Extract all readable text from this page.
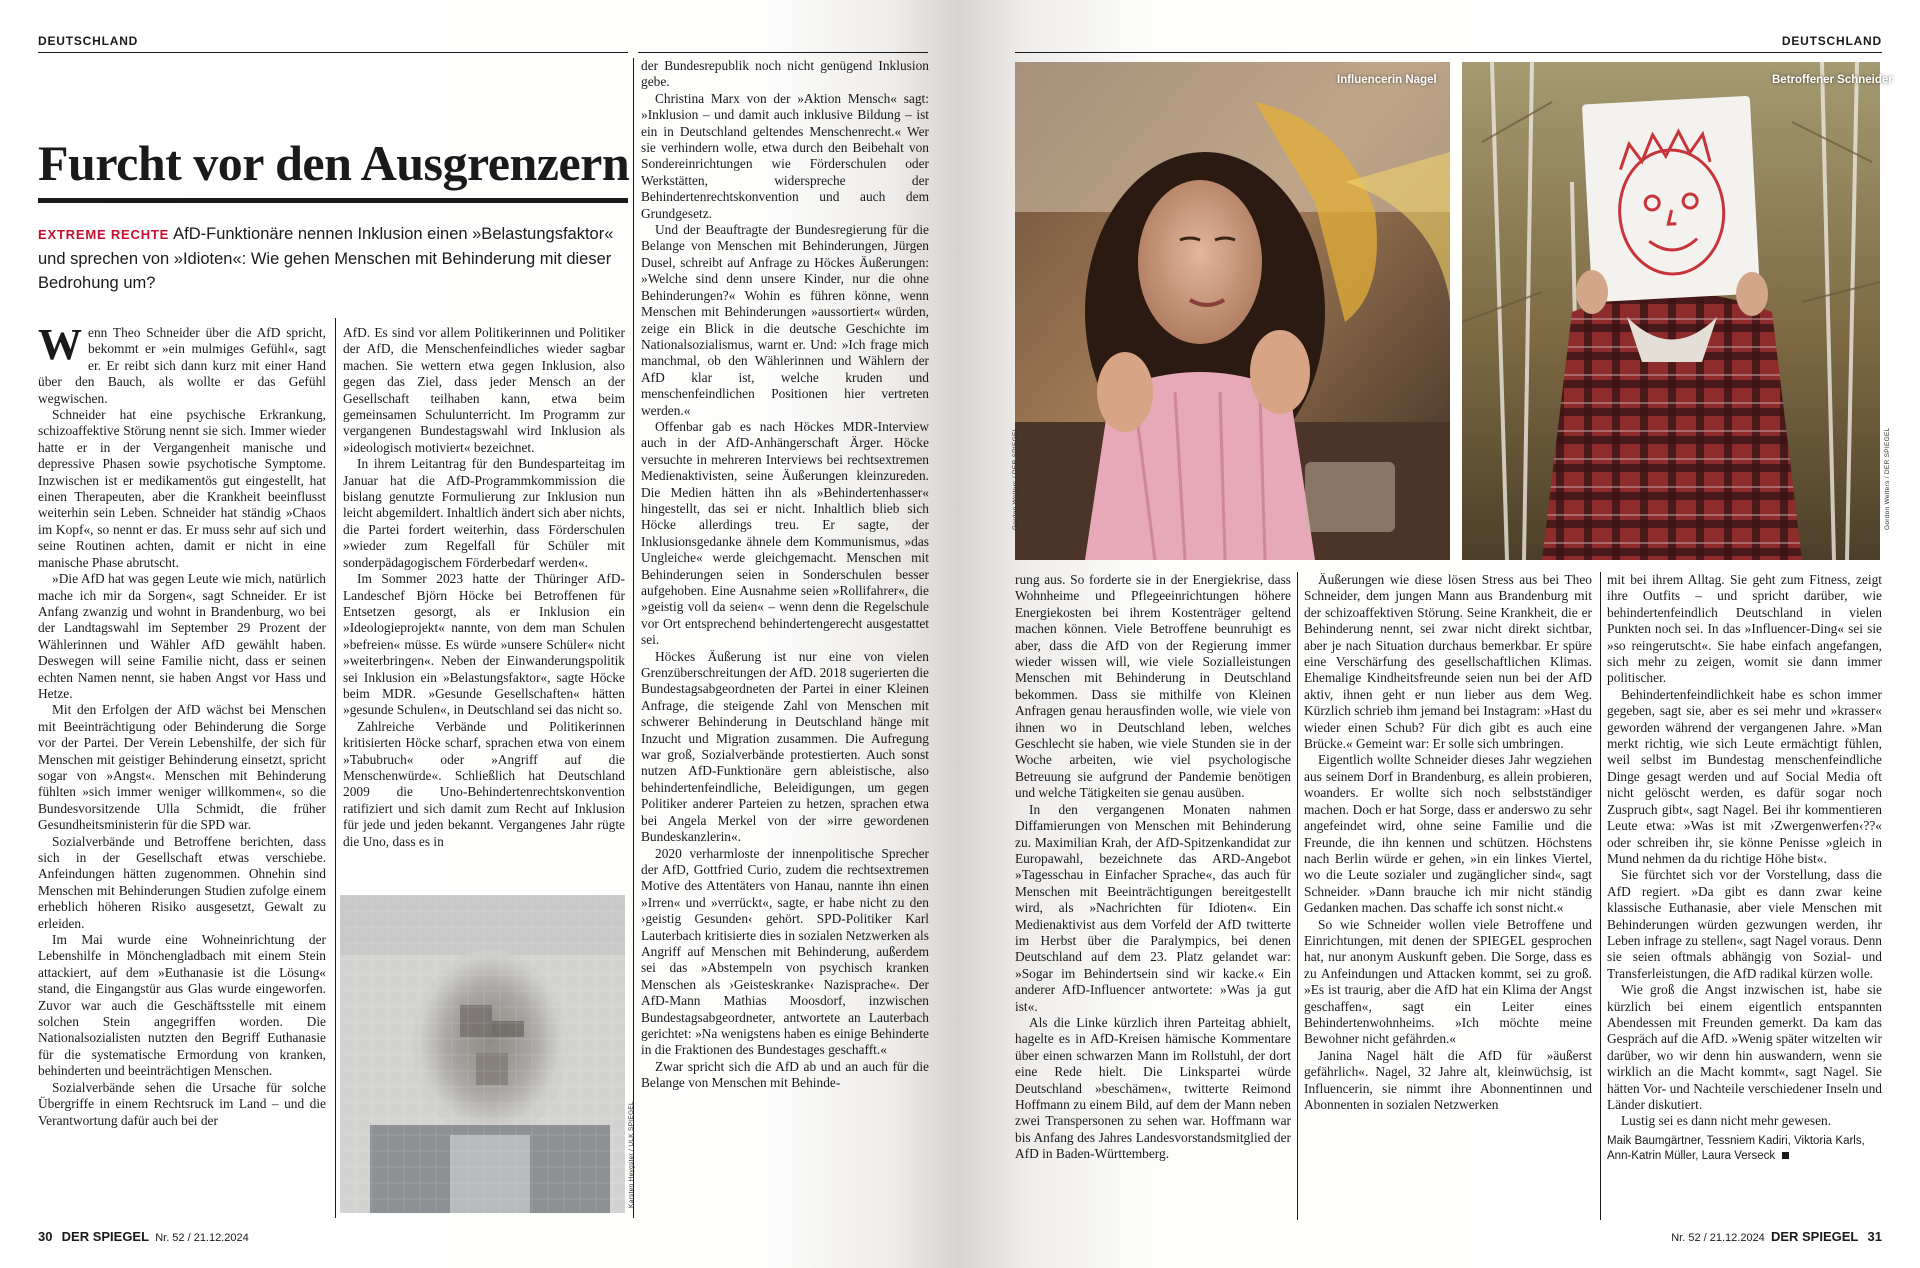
DEUTSCHLAND
Furcht vor den Ausgrenzern
EXTREME RECHTE AfD-Funktionäre nennen Inklusion einen »Belastungsfaktor« und sprechen von »Idioten«: Wie gehen Menschen mit Behinderung mit dieser Bedrohung um?

Wenn Theo Schneider über die AfD spricht, bekommt er »ein mulmiges Gefühl«, sagt er. Er reibt sich dann kurz mit einer Hand über den Bauch, als wollte er das Gefühl wegwischen.

Schneider hat eine psychische Erkrankung, schizoaffektive Störung nennt sie sich. Immer wieder hatte er in der Vergangenheit manische und depressive Phasen sowie psychotische Symptome. Inzwischen ist er medikamentös gut eingestellt, hat einen Therapeuten, aber die Krankheit beeinflusst weiterhin sein Leben. Schneider hat ständig »Chaos im Kopf«, so nennt er das. Er muss sehr auf sich und seine Routinen achten, damit er nicht in eine manische Phase abrutscht.

»Die AfD hat was gegen Leute wie mich, natürlich mache ich mir da Sorgen«, sagt Schneider. Er ist Anfang zwanzig und wohnt in Brandenburg, wo bei der Landtagswahl im September 29 Prozent der Wählerinnen und Wähler AfD gewählt haben. Deswegen will seine Familie nicht, dass er seinen echten Namen nennt, sie haben Angst vor Hass und Hetze.

Mit den Erfolgen der AfD wächst bei Menschen mit Beeinträchtigung oder Behinderung die Sorge vor der Partei. Der Verein Lebenshilfe, der sich für Menschen mit geistiger Behinderung einsetzt, spricht sogar von »Angst«. Menschen mit Behinderung fühlten »sich immer weniger willkommen«, so die Bundesvorsitzende Ulla Schmidt, die früher Gesundheitsministerin für die SPD war.

Sozialverbände und Betroffene berichten, dass sich in der Gesellschaft etwas verschiebe. Anfeindungen hätten zugenommen. Ohnehin sind Menschen mit Behinderungen Studien zufolge einem erheblich höheren Risiko ausgesetzt, Gewalt zu erleiden.

Im Mai wurde eine Wohneinrichtung der Lebenshilfe in Mönchengladbach mit einem Stein attackiert, auf dem »Euthanasie ist die Lösung« stand, die Eingangstür aus Glas wurde eingeworfen. Zuvor war auch die Geschäftsstelle mit einem solchen Stein angegriffen worden. Die Nationalsozialisten nutzten den Begriff Euthanasie für die systematische Ermordung von kranken, behinderten und beeinträchtigen Menschen.

Sozialverbände sehen die Ursache für solche Übergriffe in einem Rechtsruck im Land – und die Verantwortung dafür auch bei der

AfD. Es sind vor allem Politikerinnen und Politiker der AfD, die Menschenfeindliches wieder sagbar machen. Sie wettern etwa gegen Inklusion, also gegen das Ziel, dass jeder Mensch an der Gesellschaft teilhaben kann, etwa beim gemeinsamen Schulunterricht. Im Programm zur vergangenen Bundestagswahl wird Inklusion als »ideologisch motiviert« bezeichnet.

In ihrem Leitantrag für den Bundesparteitag im Januar hat die AfD-Programmkommission die bislang genutzte Formulierung zur Inklusion nun leicht abgemildert. Inhaltlich ändert sich aber nichts, die Partei fordert weiterhin, dass Förderschulen »wieder zum Regelfall für Schüler mit sonderpädagogischem Förderbedarf werden«.

Im Sommer 2023 hatte der Thüringer AfD-Landeschef Björn Höcke bei Betroffenen für Entsetzen gesorgt, als er Inklusion ein »Ideologieprojekt« nannte, von dem man Schulen »befreien« müsse. Es würde »unsere Schüler« nicht »weiterbringen«. Neben der Einwanderungspolitik sei Inklusion ein »Belastungsfaktor«, sagte Höcke beim MDR. »Gesunde Gesellschaften« hätten »gesunde Schulen«, in Deutschland sei das nicht so.

Zahlreiche Verbände und Politikerinnen kritisierten Höcke scharf, sprachen etwa von einem »Tabubruch« oder »Angriff auf die Menschenwürde«. Schließlich hat Deutschland 2009 die Uno-Behindertenrechtskonvention ratifiziert und sich damit zum Recht auf Inklusion für jede und jeden bekannt. Vergangenes Jahr rügte die Uno, dass es in

Karsten Heygster / ULK SPIEGEL

der Bundesrepublik noch nicht genügend Inklusion gebe.

Christina Marx von der »Aktion Mensch« sagt: »Inklusion – und damit auch inklusive Bildung – ist ein in Deutschland geltendes Menschenrecht.« Wer sie verhindern wolle, etwa durch den Beibehalt von Sondereinrichtungen wie Förderschulen oder Werkstätten, widerspreche der Behindertenrechtskonvention und auch dem Grundgesetz.

Und der Beauftragte der Bundesregierung für die Belange von Menschen mit Behinderungen, Jürgen Dusel, schreibt auf Anfrage zu Höckes Äußerungen: »Welche sind denn unsere Kinder, nur die ohne Behinderungen?« Wohin es führen könne, wenn Menschen mit Behinderungen »aussortiert« würden, zeige ein Blick in die deutsche Geschichte im Nationalsozialismus, warnt er. Und: »Ich frage mich manchmal, ob den Wählerinnen und Wählern der AfD klar ist, welche kruden und menschenfeindlichen Positionen hier vertreten werden.«

Offenbar gab es nach Höckes MDR-Interview auch in der AfD-Anhängerschaft Ärger. Höcke versuchte in mehreren Interviews bei rechtsextremen Medienaktivisten, seine Äußerungen kleinzureden. Die Medien hätten ihn als »Behindertenhasser« hingestellt, das sei er nicht. Inhaltlich blieb sich Höcke allerdings treu. Er sagte, der Inklusionsgedanke ähnele dem Kommunismus, »das Ungleiche« werde gleichgemacht. Menschen mit Behinderungen seien in Sonderschulen besser aufgehoben. Eine Ausnahme seien »Rollifahrer«, die »geistig voll da seien« – wenn denn die Regelschule vor Ort entsprechend behindertengerecht ausgestattet sei.

Höckes Äußerung ist nur eine von vielen Grenzüberschreitungen der AfD. 2018 sugerierten die Bundestagsabgeordneten der Partei in einer Kleinen Anfrage, die steigende Zahl von Menschen mit schwerer Behinderung in Deutschland hänge mit Inzucht und Migration zusammen. Die Aufregung war groß, Sozialverbände protestierten. Auch sonst nutzen AfD-Funktionäre gern ableistische, also behindertenfeindliche, Beleidigungen, um gegen Politiker anderer Parteien zu hetzen, sprachen etwa bei Angela Merkel von der »irre gewordenen Bundeskanzlerin«.

2020 verharmloste der innenpolitische Sprecher der AfD, Gottfried Curio, zudem die rechtsextremen Motive des Attentäters von Hanau, nannte ihn einen »Irren« und »verrückt«, sagte, er habe nicht zu den ›geistig Gesunden‹ gehört. SPD-Politiker Karl Lauterbach kritisierte dies in sozialen Netzwerken als Angriff auf Menschen mit Behinderung, außerdem sei das »Abstempeln von psychisch kranken Menschen als ›Geisteskranke‹ Nazisprache«. Der AfD-Mann Mathias Moosdorf, inzwischen Bundestagsabgeordneter, antwortete an Lauterbach gerichtet: »Na wenigstens haben es einige Behinderte in die Fraktionen des Bundestages geschafft.«

Zwar spricht sich die AfD ab und an auch für die Belange von Menschen mit Behinde-

30 DER SPIEGEL Nr. 52 / 21.12.2024
DEUTSCHLAND
Influencerin Nagel
Gordon Welters / DER SPIEGEL
Betroffener Schneider
Gordon Welters / DER SPIEGEL

rung aus. So forderte sie in der Energiekrise, dass Wohnheime und Pflegeeinrichtungen höhere Energiekosten bei ihrem Kostenträger geltend machen können. Viele Betroffene beunruhigt es aber, dass die AfD von der Regierung immer wieder wissen will, wie viele Sozialleistungen Menschen mit Behinderung in Deutschland bekommen. Dass sie mithilfe von Kleinen Anfragen genau herausfinden wolle, wie viele von ihnen wo in Deutschland leben, welches Geschlecht sie haben, wie viele Stunden sie in der Woche arbeiten, wie viel psychologische Betreuung sie aufgrund der Pandemie benötigen und welche Tätigkeiten sie genau ausüben.

In den vergangenen Monaten nahmen Diffamierungen von Menschen mit Behinderung zu. Maximilian Krah, der AfD-Spitzenkandidat zur Europawahl, bezeichnete das ARD-Angebot »Tagesschau in Einfacher Sprache«, das auch für Menschen mit Beeinträchtigungen bereitgestellt wird, als »Nachrichten für Idioten«. Ein Medienaktivist aus dem Vorfeld der AfD twitterte im Herbst über die Paralympics, bei denen Deutschland auf dem 23. Platz gelandet war: »Sogar im Behindertsein sind wir kacke.« Ein anderer AfD-Influencer antwortete: »Was ja gut ist«.

Als die Linke kürzlich ihren Parteitag abhielt, hagelte es in AfD-Kreisen hämische Kommentare über einen schwarzen Mann im Rollstuhl, der dort eine Rede hielt. Die Linkspartei würde Deutschland »beschämen«, twitterte Reimond Hoffmann zu einem Bild, auf dem der Mann neben zwei Transpersonen zu sehen war. Hoffmann war bis Anfang des Jahres Landesvorstandsmitglied der AfD in Baden-Württemberg.

Äußerungen wie diese lösen Stress aus bei Theo Schneider, dem jungen Mann aus Brandenburg mit der schizoaffektiven Störung. Seine Krankheit, die er Behinderung nennt, sei zwar nicht direkt sichtbar, aber je nach Situation durchaus bemerkbar. Er spüre eine Verschärfung des gesellschaftlichen Klimas. Ehemalige Kindheitsfreunde seien nun bei der AfD aktiv, ihnen geht er nun lieber aus dem Weg. Kürzlich schrieb ihm jemand bei Instagram: »Hast du wieder einen Schub? Für dich gibt es auch eine Brücke.« Gemeint war: Er solle sich umbringen.

Eigentlich wollte Schneider dieses Jahr wegziehen aus seinem Dorf in Brandenburg, es allein probieren, woanders. Er wollte sich noch selbstständiger machen. Doch er hat Sorge, dass er anderswo zu sehr angefeindet wird, ohne seine Familie und die Freunde, die ihn kennen und schützen. Höchstens nach Berlin würde er gehen, »in ein linkes Viertel, wo die Leute sozialer und zugänglicher sind«, sagt Schneider. »Dann brauche ich mir nicht ständig Gedanken machen. Das schaffe ich sonst nicht.«

So wie Schneider wollen viele Betroffene und Einrichtungen, mit denen der SPIEGEL gesprochen hat, nur anonym Auskunft geben. Die Sorge, dass es zu Anfeindungen und Attacken kommt, sei zu groß. »Es ist traurig, aber die AfD hat ein Klima der Angst geschaffen«, sagt ein Leiter eines Behindertenwohnheims. »Ich möchte meine Bewohner nicht gefährden.«

Janina Nagel hält die AfD für »äußerst gefährlich«. Nagel, 32 Jahre alt, kleinwüchsig, ist Influencerin, sie nimmt ihre Abonnentinnen und Abonnenten in sozialen Netzwerken

mit bei ihrem Alltag. Sie geht zum Fitness, zeigt ihre Outfits – und spricht darüber, wie behindertenfeindlich Deutschland in vielen Punkten noch sei. In das »Influencer-Ding« sei sie »so reingerutscht«. Sie habe einfach angefangen, sich mehr zu zeigen, womit sie dann immer politischer.

Behindertenfeindlichkeit habe es schon immer gegeben, sagt sie, aber es sei mehr und »krasser« geworden während der vergangenen Jahre. »Man merkt richtig, wie sich Leute ermächtigt fühlen, weil selbst im Bundestag menschenfeindliche Dinge gesagt werden und auf Social Media oft nicht gelöscht werden, es dafür sogar noch Zuspruch gibt«, sagt Nagel. Bei ihr kommentieren Leute etwa: »Was ist mit ›Zwergenwerfen‹??« oder schreiben ihr, sie könne Penisse »gleich in Mund nehmen da du richtige Höhe bist«.

Sie fürchtet sich vor der Vorstellung, dass die AfD regiert. »Da gibt es dann zwar keine klassische Euthanasie, aber viele Menschen mit Behinderungen würden gezwungen werden, ihr Leben infrage zu stellen«, sagt Nagel voraus. Denn sie seien oftmals abhängig von Sozial- und Transferleistungen, die AfD radikal kürzen wolle.

Wie groß die Angst inzwischen ist, habe sie kürzlich bei einem eigentlich entspannten Abendessen mit Freunden gemerkt. Da kam das Gespräch auf die AfD. »Wenig später witzelten wir darüber, wo wir denn hin auswandern, wenn sie wirklich an die Macht kommt«, sagt Nagel. Sie hätten Vor- und Nachteile verschiedener Inseln und Länder diskutiert.

Lustig sei es dann nicht mehr gewesen.

Maik Baumgärtner, Tessniem Kadiri, Viktoria Karls, Ann-Katrin Müller, Laura Verseck

Nr. 52 / 21.12.2024 DER SPIEGEL 31
